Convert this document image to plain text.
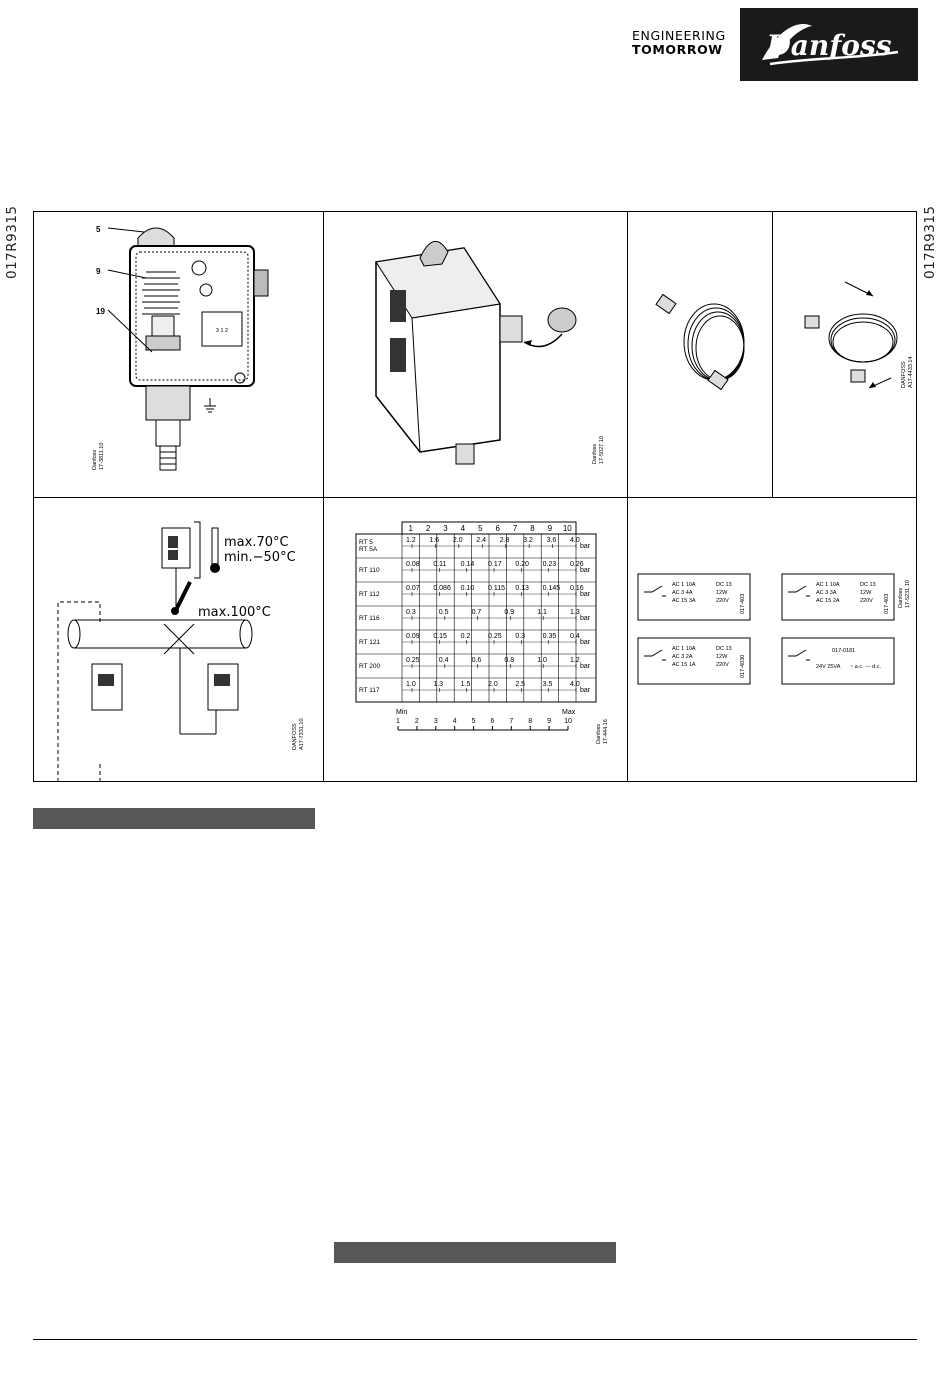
ENGINEERING
TOMORROW Danfoss
017R9315	017R9315
3 1 2
5
9
19
Danfoss 17-3811.10	Danfoss 17-5027.10
DANFOSS A17-4433.14
max.70°C
min.−50°C
max.100°C
DANFOSS A17-7331.10
1 2 3 4 5 6 7 8 9 10
RT 5
RT 5A
1.2 1.6 2.0 2.4 2.8 3.2 3.6 4.0
bar
RT 110
0.08 0.11 0.14 0.17 0.20 0.23 0.26
bar
RT 112
0.07 0.086 0.10 0.115 0.13 0.145 0.16
bar
RT 116
0.3	0.5	0.7	0.9	1.1	1.3
bar
RT 121
0.09 0.15 0.2	0.25 0.3	0.35 0.4
bar
RT 200
0.25	0.4	0.6	0.8	1.0	1.2
bar
RT 117
1.0	1.3	1.5	2.0	2.5	3.5	4.0
bar
Min	Max
1 2 3 4 5 6 7 8 9 10
Danfoss 17-444.16
AC 1 10A
AC 3 4A
AC 15 3A
DC 13
12W
220V 017-403
AC 1 10A
AC 3 3A
AC 15 2A
DC 13
12W
220V 017-403
AC 1 10A
AC 3 2A
AC 15 1A
DC 13
12W
220V 017-4030
017-0181
24V 25VA ~ a.c. --- d.c.
Danfoss 17-5231.10
